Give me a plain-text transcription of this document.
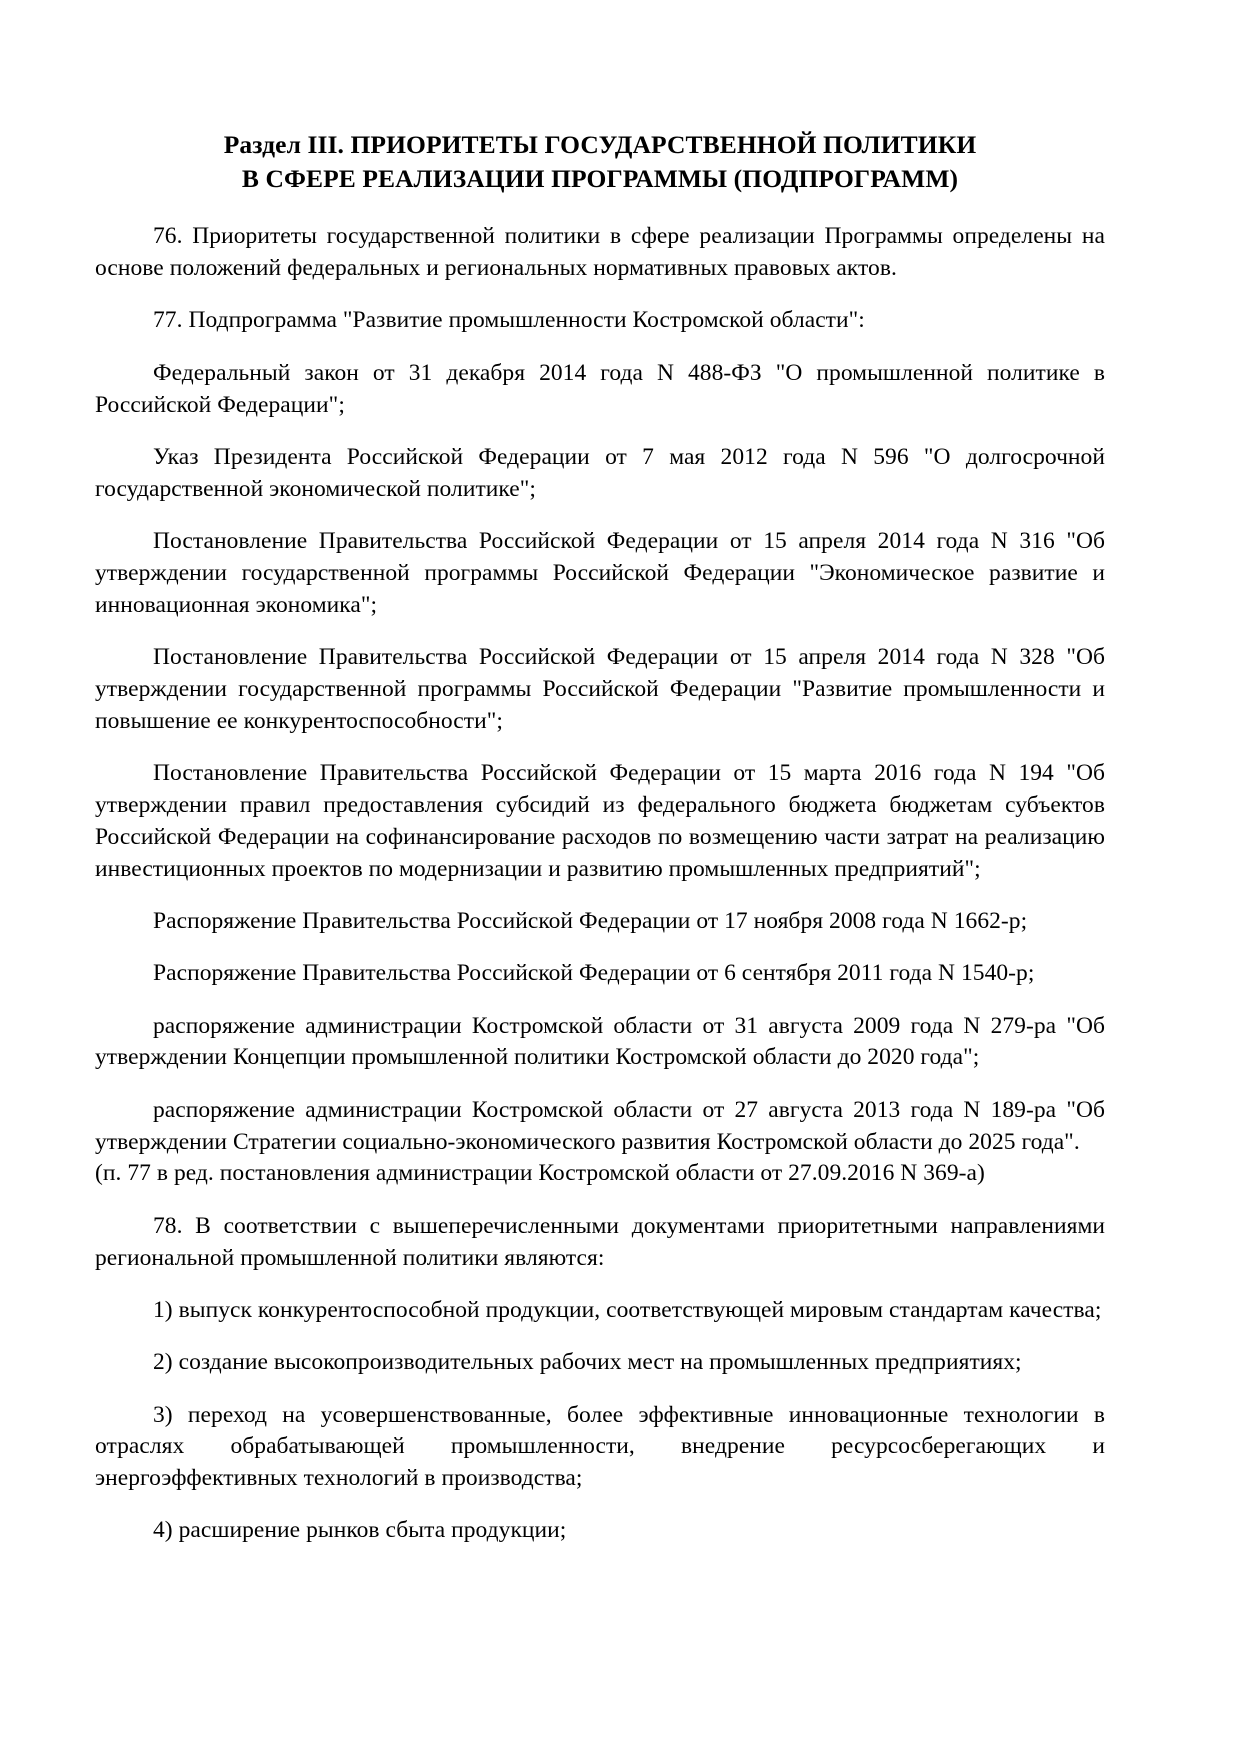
Раздел III. ПРИОРИТЕТЫ ГОСУДАРСТВЕННОЙ ПОЛИТИКИ
В СФЕРЕ РЕАЛИЗАЦИИ ПРОГРАММЫ (ПОДПРОГРАММ)

76. Приоритеты государственной политики в сфере реализации Программы определены на основе положений федеральных и региональных нормативных правовых актов.

77. Подпрограмма "Развитие промышленности Костромской области":

Федеральный закон от 31 декабря 2014 года N 488-ФЗ "О промышленной политике в Российской Федерации";

Указ Президента Российской Федерации от 7 мая 2012 года N 596 "О долгосрочной государственной экономической политике";

Постановление Правительства Российской Федерации от 15 апреля 2014 года N 316 "Об утверждении государственной программы Российской Федерации "Экономическое развитие и инновационная экономика";

Постановление Правительства Российской Федерации от 15 апреля 2014 года N 328 "Об утверждении государственной программы Российской Федерации "Развитие промышленности и повышение ее конкурентоспособности";

Постановление Правительства Российской Федерации от 15 марта 2016 года N 194 "Об утверждении правил предоставления субсидий из федерального бюджета бюджетам субъектов Российской Федерации на софинансирование расходов по возмещению части затрат на реализацию инвестиционных проектов по модернизации и развитию промышленных предприятий";

Распоряжение Правительства Российской Федерации от 17 ноября 2008 года N 1662-р;

Распоряжение Правительства Российской Федерации от 6 сентября 2011 года N 1540-р;

распоряжение администрации Костромской области от 31 августа 2009 года N 279-ра "Об утверждении Концепции промышленной политики Костромской области до 2020 года";

распоряжение администрации Костромской области от 27 августа 2013 года N 189-ра "Об утверждении Стратегии социально-экономического развития Костромской области до 2025 года".

(п. 77 в ред. постановления администрации Костромской области от 27.09.2016 N 369-а)

78. В соответствии с вышеперечисленными документами приоритетными направлениями региональной промышленной политики являются:

1) выпуск конкурентоспособной продукции, соответствующей мировым стандартам качества;

2) создание высокопроизводительных рабочих мест на промышленных предприятиях;

3) переход на усовершенствованные, более эффективные инновационные технологии в отраслях обрабатывающей промышленности, внедрение ресурсосберегающих и энергоэффективных технологий в производства;

4) расширение рынков сбыта продукции;
